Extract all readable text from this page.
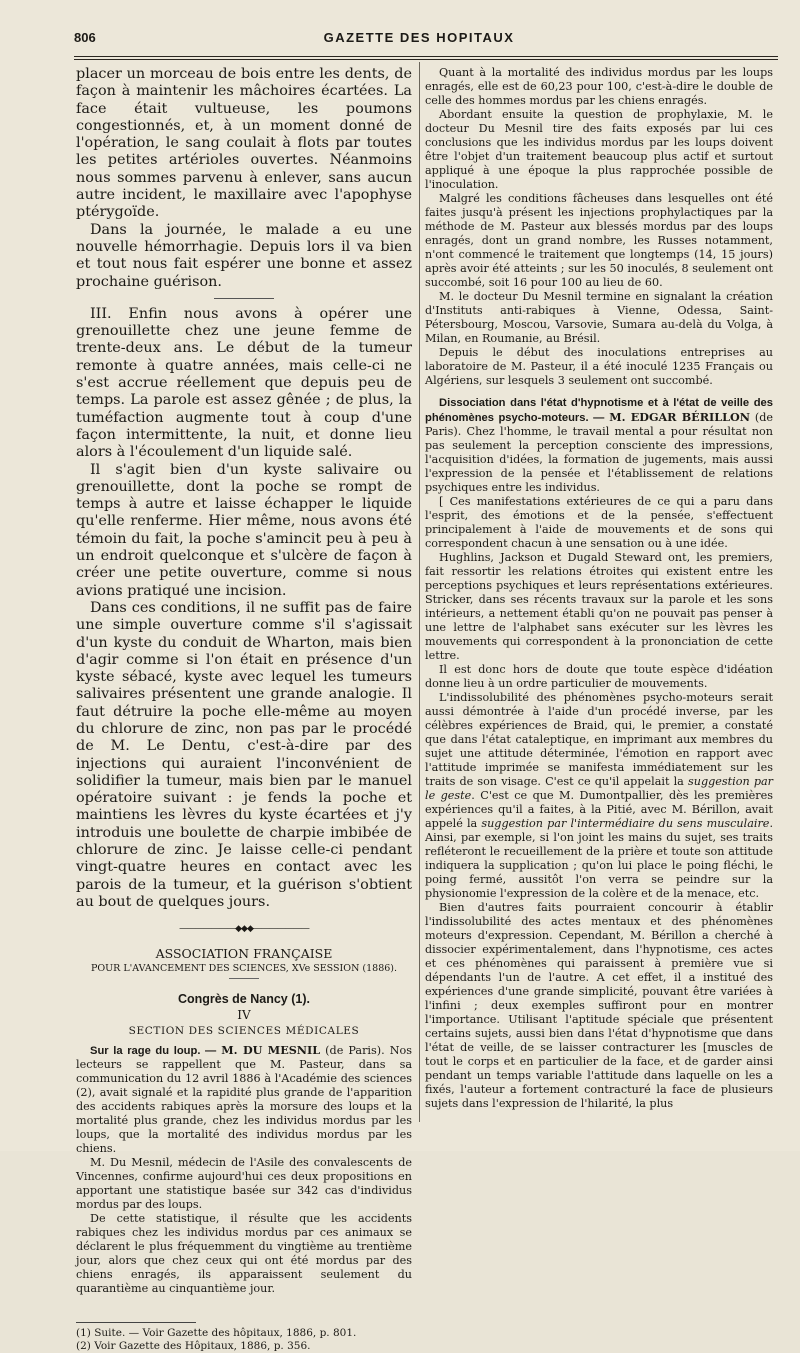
806	GAZETTE DES HOPITAUX

placer un morceau de bois entre les dents, de façon à maintenir les mâchoires écartées. La face était vultueuse, les poumons congestionnés, et, à un moment donné de l'opération, le sang coulait à flots par toutes les petites artérioles ouvertes. Néanmoins nous sommes parvenu à enlever, sans aucun autre incident, le maxillaire avec l'apophyse ptérygoïde.

Dans la journée, le malade a eu une nouvelle hémorrhagie. Depuis lors il va bien et tout nous fait espérer une bonne et assez prochaine guérison.

III. Enfin nous avons à opérer une grenouillette chez une jeune femme de trente-deux ans. Le début de la tumeur remonte à quatre années, mais celle-ci ne s'est accrue réellement que depuis peu de temps. La parole est assez gênée ; de plus, la tuméfaction augmente tout à coup d'une façon intermittente, la nuit, et donne lieu alors à l'écoulement d'un liquide salé.

Il s'agit bien d'un kyste salivaire ou grenouillette, dont la poche se rompt de temps à autre et laisse échapper le liquide qu'elle renferme. Hier même, nous avons été témoin du fait, la poche s'amincit peu à peu à un endroit quelconque et s'ulcère de façon à créer une petite ouverture, comme si nous avions pratiqué une incision.

Dans ces conditions, il ne suffit pas de faire une simple ouverture comme s'il s'agissait d'un kyste du conduit de Wharton, mais bien d'agir comme si l'on était en présence d'un kyste sébacé, kyste avec lequel les tumeurs salivaires présentent une grande analogie. Il faut détruire la poche elle-même au moyen du chlorure de zinc, non pas par le procédé de M. Le Dentu, c'est-à-dire par des injections qui auraient l'inconvénient de solidifier la tumeur, mais bien par le manuel opératoire suivant : je fends la poche et maintiens les lèvres du kyste écartées et j'y introduis une boulette de charpie imbibée de chlorure de zinc. Je laisse celle-ci pendant vingt-quatre heures en contact avec les parois de la tumeur, et la guérison s'obtient au bout de quelques jours.

———————◆◆◆———————
ASSOCIATION FRANÇAISE
POUR L'AVANCEMENT DES SCIENCES, XVe SESSION (1886).
Congrès de Nancy (1).
IV
SECTION DES SCIENCES MÉDICALES

Sur la rage du loup. — M. DU MESNIL (de Paris). Nos lecteurs se rappellent que M. Pasteur, dans sa communication du 12 avril 1886 à l'Académie des sciences (2), avait signalé et la rapidité plus grande de l'apparition des accidents rabiques après la morsure des loups et la mortalité plus grande, chez les individus mordus par les loups, que la mortalité des individus mordus par les chiens.

M. Du Mesnil, médecin de l'Asile des convalescents de Vincennes, confirme aujourd'hui ces deux propositions en apportant une statistique basée sur 342 cas d'individus mordus par des loups.

De cette statistique, il résulte que les accidents rabiques chez les individus mordus par ces animaux se déclarent le plus fréquemment du vingtième au trentième jour, alors que chez ceux qui ont été mordus par des chiens enragés, ils apparaissent seulement du quarantième au cinquantième jour.

(1) Suite. — Voir Gazette des hôpitaux, 1886, p. 801.

(2) Voir Gazette des Hôpitaux, 1886, p. 356.

Quant à la mortalité des individus mordus par les loups enragés, elle est de 60,23 pour 100, c'est-à-dire le double de celle des hommes mordus par les chiens enragés.

Abordant ensuite la question de prophylaxie, M. le docteur Du Mesnil tire des faits exposés par lui ces conclusions que les individus mordus par les loups doivent être l'objet d'un traitement beaucoup plus actif et surtout appliqué à une époque la plus rapprochée possible de l'inoculation.

Malgré les conditions fâcheuses dans lesquelles ont été faites jusqu'à présent les injections prophylactiques par la méthode de M. Pasteur aux blessés mordus par des loups enragés, dont un grand nombre, les Russes notamment, n'ont commencé le traitement que longtemps (14, 15 jours) après avoir été atteints ; sur les 50 inoculés, 8 seulement ont succombé, soit 16 pour 100 au lieu de 60.

M. le docteur Du Mesnil termine en signalant la création d'Instituts anti-rabiques à Vienne, Odessa, Saint-Pétersbourg, Moscou, Varsovie, Sumara au-delà du Volga, à Milan, en Roumanie, au Brésil.

Depuis le début des inoculations entreprises au laboratoire de M. Pasteur, il a été inoculé 1235 Français ou Algériens, sur lesquels 3 seulement ont succombé.

Dissociation dans l'état d'hypnotisme et à l'état de veille des phénomènes psycho-moteurs. — M. EDGAR BÉRILLON (de Paris). Chez l'homme, le travail mental a pour résultat non pas seulement la perception consciente des impressions, l'acquisition d'idées, la formation de jugements, mais aussi l'expression de la pensée et l'établissement de relations psychiques entre les individus.

[ Ces manifestations extérieures de ce qui a paru dans l'esprit, des émotions et de la pensée, s'effectuent principalement à l'aide de mouvements et de sons qui correspondent chacun à une sensation ou à une idée.

Hughlins, Jackson et Dugald Steward ont, les premiers, fait ressortir les relations étroites qui existent entre les perceptions psychiques et leurs représentations extérieures. Stricker, dans ses récents travaux sur la parole et les sons intérieurs, a nettement établi qu'on ne pouvait pas penser à une lettre de l'alphabet sans exécuter sur les lèvres les mouvements qui correspondent à la prononciation de cette lettre.

Il est donc hors de doute que toute espèce d'idéation donne lieu à un ordre particulier de mouvements.

L'indissolubilité des phénomènes psycho-moteurs serait aussi démontrée à l'aide d'un procédé inverse, par les célèbres expériences de Braid, qui, le premier, a constaté que dans l'état cataleptique, en imprimant aux membres du sujet une attitude déterminée, l'émotion en rapport avec l'attitude imprimée se manifesta immédiatement sur les traits de son visage. C'est ce qu'il appelait la suggestion par le geste. C'est ce que M. Dumontpallier, dès les premières expériences qu'il a faites, à la Pitié, avec M. Bérillon, avait appelé la suggestion par l'intermédiaire du sens musculaire. Ainsi, par exemple, si l'on joint les mains du sujet, ses traits refléteront le recueillement de la prière et toute son attitude indiquera la supplication ; qu'on lui place le poing fléchi, le poing fermé, aussitôt l'on verra se peindre sur la physionomie l'expression de la colère et de la menace, etc.

Bien d'autres faits pourraient concourir à établir l'indissolubilité des actes mentaux et des phénomènes moteurs d'expression. Cependant, M. Bérillon a cherché à dissocier expérimentalement, dans l'hypnotisme, ces actes et ces phénomènes qui paraissent à première vue si dépendants l'un de l'autre. A cet effet, il a institué des expériences d'une grande simplicité, pouvant être variées à l'infini ; deux exemples suffiront pour en montrer l'importance. Utilisant l'aptitude spéciale que présentent certains sujets, aussi bien dans l'état d'hypnotisme que dans l'état de veille, de se laisser contracturer les [muscles de tout le corps et en particulier de la face, et de garder ainsi pendant un temps variable l'attitude dans laquelle on les a fixés, l'auteur a fortement contracturé la face de plusieurs sujets dans l'expression de l'hilarité, la plus
